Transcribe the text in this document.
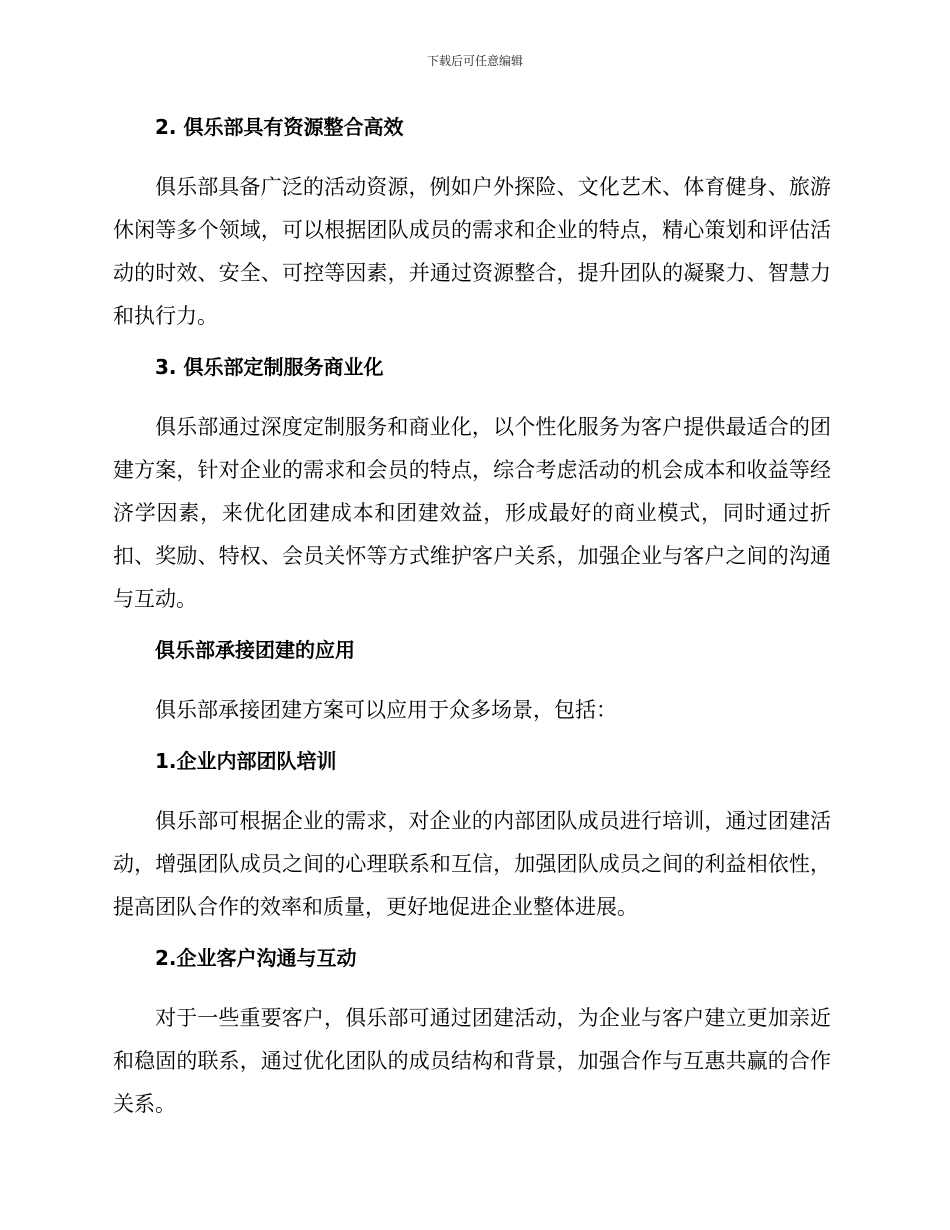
下载后可任意编辑
2. 俱乐部具有资源整合高效

俱乐部具备广泛的活动资源，例如户外探险、文化艺术、体育健身、旅游休闲等多个领域，可以根据团队成员的需求和企业的特点，精心策划和评估活动的时效、安全、可控等因素，并通过资源整合，提升团队的凝聚力、智慧力和执行力。

3. 俱乐部定制服务商业化

俱乐部通过深度定制服务和商业化，以个性化服务为客户提供最适合的团建方案，针对企业的需求和会员的特点，综合考虑活动的机会成本和收益等经济学因素，来优化团建成本和团建效益，形成最好的商业模式，同时通过折扣、奖励、特权、会员关怀等方式维护客户关系，加强企业与客户之间的沟通与互动。

俱乐部承接团建的应用

俱乐部承接团建方案可以应用于众多场景，包括：

1.企业内部团队培训

俱乐部可根据企业的需求，对企业的内部团队成员进行培训，通过团建活动，增强团队成员之间的心理联系和互信，加强团队成员之间的利益相依性，提高团队合作的效率和质量，更好地促进企业整体进展。

2.企业客户沟通与互动

对于一些重要客户，俱乐部可通过团建活动，为企业与客户建立更加亲近和稳固的联系，通过优化团队的成员结构和背景，加强合作与互惠共赢的合作关系。
